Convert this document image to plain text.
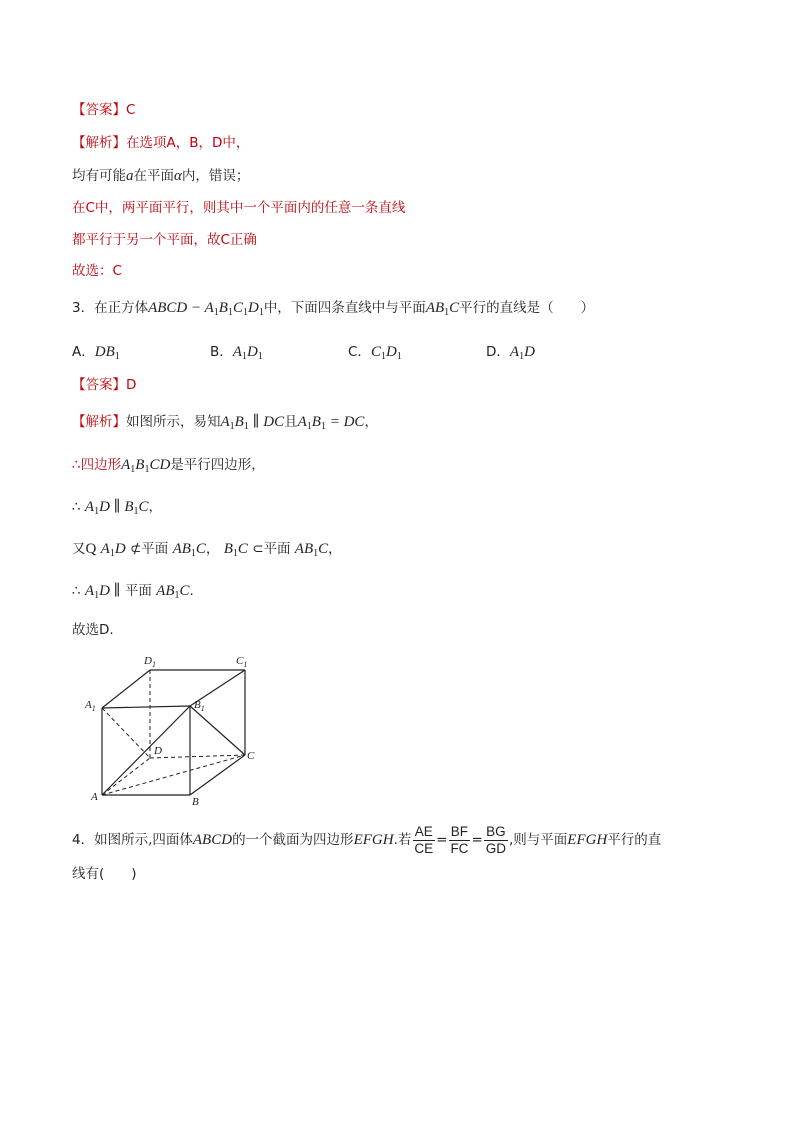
【答案】C
【解析】在选项A，B，D中，
均有可能a在平面α内，错误；
在C中，两平面平行，则其中一个平面内的任意一条直线
都平行于另一个平面，故C正确
故选：C
3．在正方体ABCD − $A_1B_1C_1D_1$中，下面四条直线中与平面$AB_1C$平行的直线是（　　）
A．$DB_1$	B．$A_1D_1$	C．$C_1D_1$	D．$A_1D$
【答案】D
【解析】如图所示，易知$A_1B_1$ ∥ DC且$A_1B_1$ = DC，
∴四边形$A_1B_1CD$是平行四边形，
∴ $A_1D$ ∥ $B_1C$，
又Q $A_1D$ ⊄平面 $AB_1C$， $B_1C$ ⊂平面 $AB_1C$，
∴ $A_1D$ ∥ 平面 $AB_1C$.
故选D.
$D_1$	$C_1$
$A_1$	$B_1$
D	C
A	B
4．如图所示,四面体ABCD的一个截面为四边形EFGH.若 $\frac{AE}{CE} = \frac{BF}{FC} = \frac{BG}{GD}$ ,则与平面EFGH平行的直
线有(　　)
